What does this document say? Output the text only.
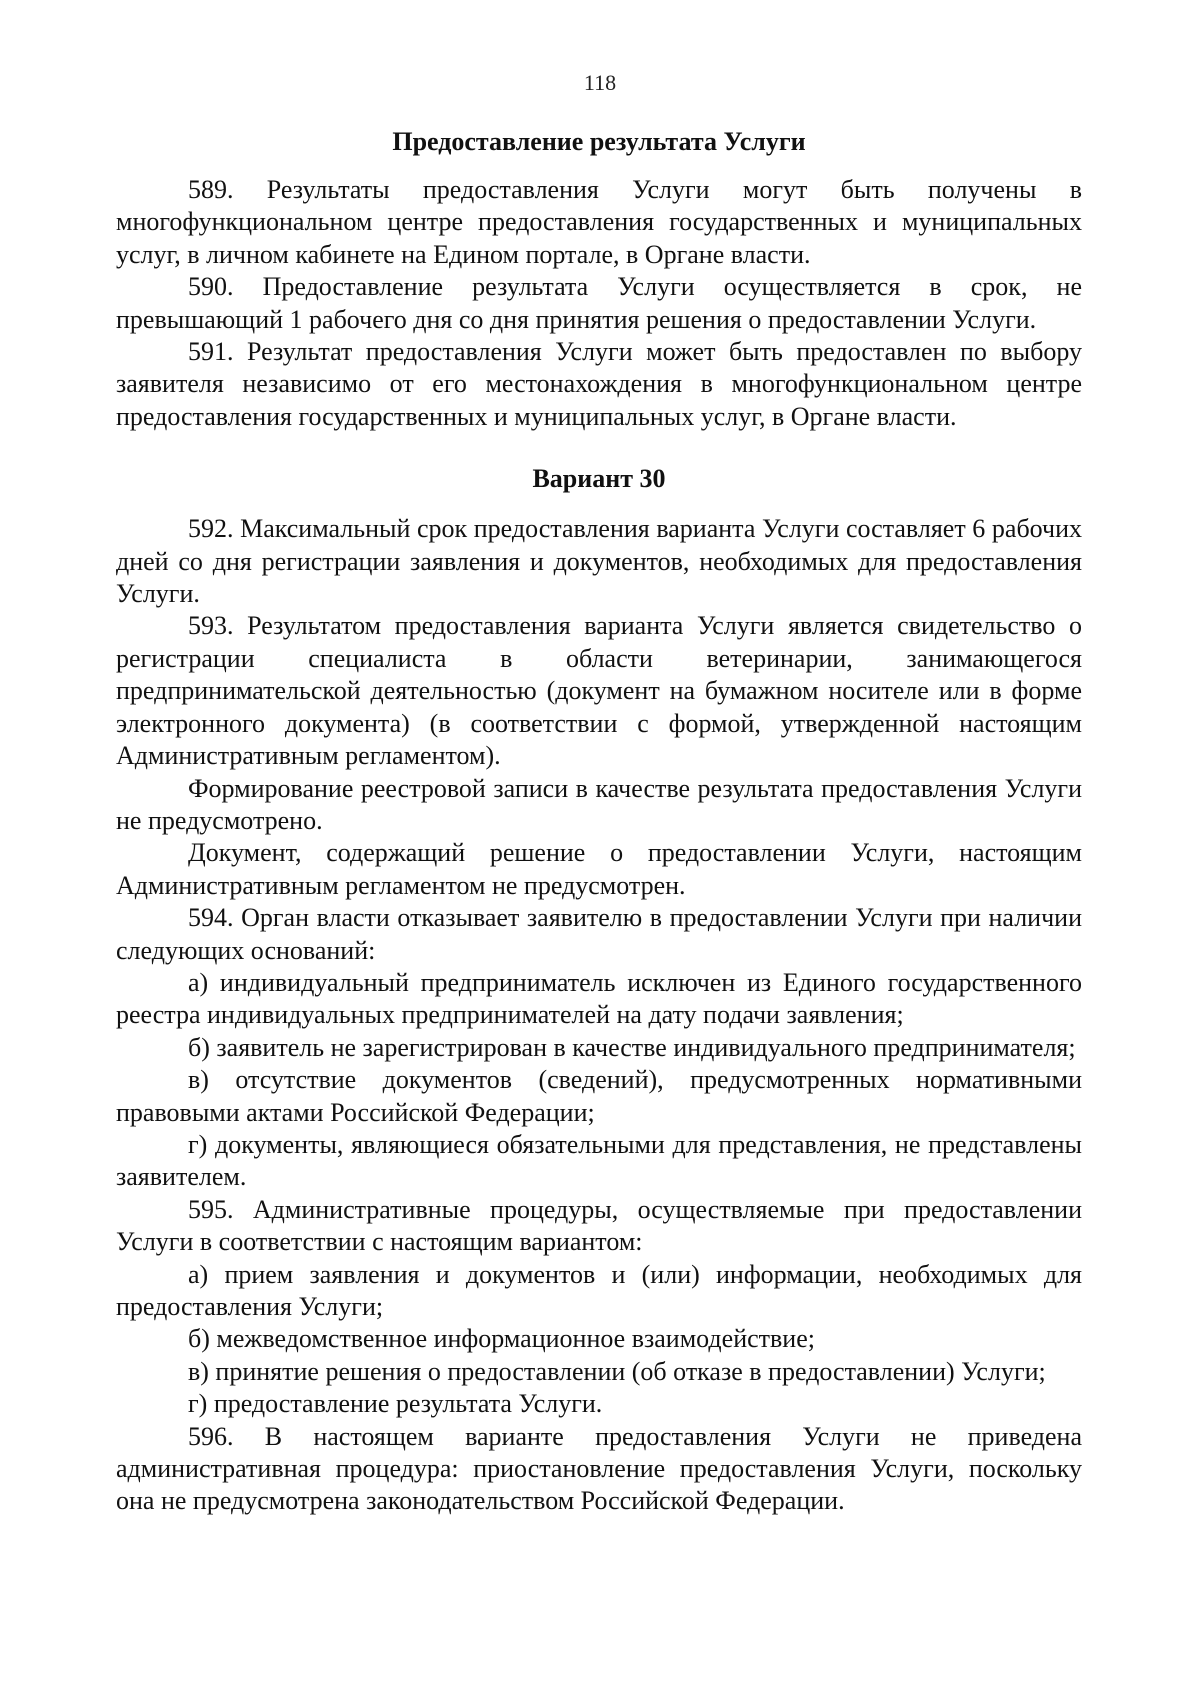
118
Предоставление результата Услуги

589. Результаты предоставления Услуги могут быть получены в многофункциональном центре предоставления государственных и муниципальных услуг, в личном кабинете на Едином портале, в Органе власти.

590. Предоставление результата Услуги осуществляется в срок, не превышающий 1 рабочего дня со дня принятия решения о предоставлении Услуги.

591. Результат предоставления Услуги может быть предоставлен по выбору заявителя независимо от его местонахождения в многофункциональном центре предоставления государственных и муниципальных услуг, в Органе власти.

Вариант 30

592. Максимальный срок предоставления варианта Услуги составляет 6 рабочих дней со дня регистрации заявления и документов, необходимых для предоставления Услуги.

593. Результатом предоставления варианта Услуги является свидетельство о регистрации специалиста в области ветеринарии, занимающегося предпринимательской деятельностью (документ на бумажном носителе или в форме электронного документа) (в соответствии с формой, утвержденной настоящим Административным регламентом).

Формирование реестровой записи в качестве результата предоставления Услуги не предусмотрено.

Документ, содержащий решение о предоставлении Услуги, настоящим Административным регламентом не предусмотрен.

594. Орган власти отказывает заявителю в предоставлении Услуги при наличии следующих оснований:

а) индивидуальный предприниматель исключен из Единого государственного реестра индивидуальных предпринимателей на дату подачи заявления;

б) заявитель не зарегистрирован в качестве индивидуального предпринимателя;

в) отсутствие документов (сведений), предусмотренных нормативными правовыми актами Российской Федерации;

г) документы, являющиеся обязательными для представления, не представлены заявителем.

595. Административные процедуры, осуществляемые при предоставлении Услуги в соответствии с настоящим вариантом:

а) прием заявления и документов и (или) информации, необходимых для предоставления Услуги;

б) межведомственное информационное взаимодействие;

в) принятие решения о предоставлении (об отказе в предоставлении) Услуги;

г) предоставление результата Услуги.

596. В настоящем варианте предоставления Услуги не приведена административная процедура: приостановление предоставления Услуги, поскольку она не предусмотрена законодательством Российской Федерации.
